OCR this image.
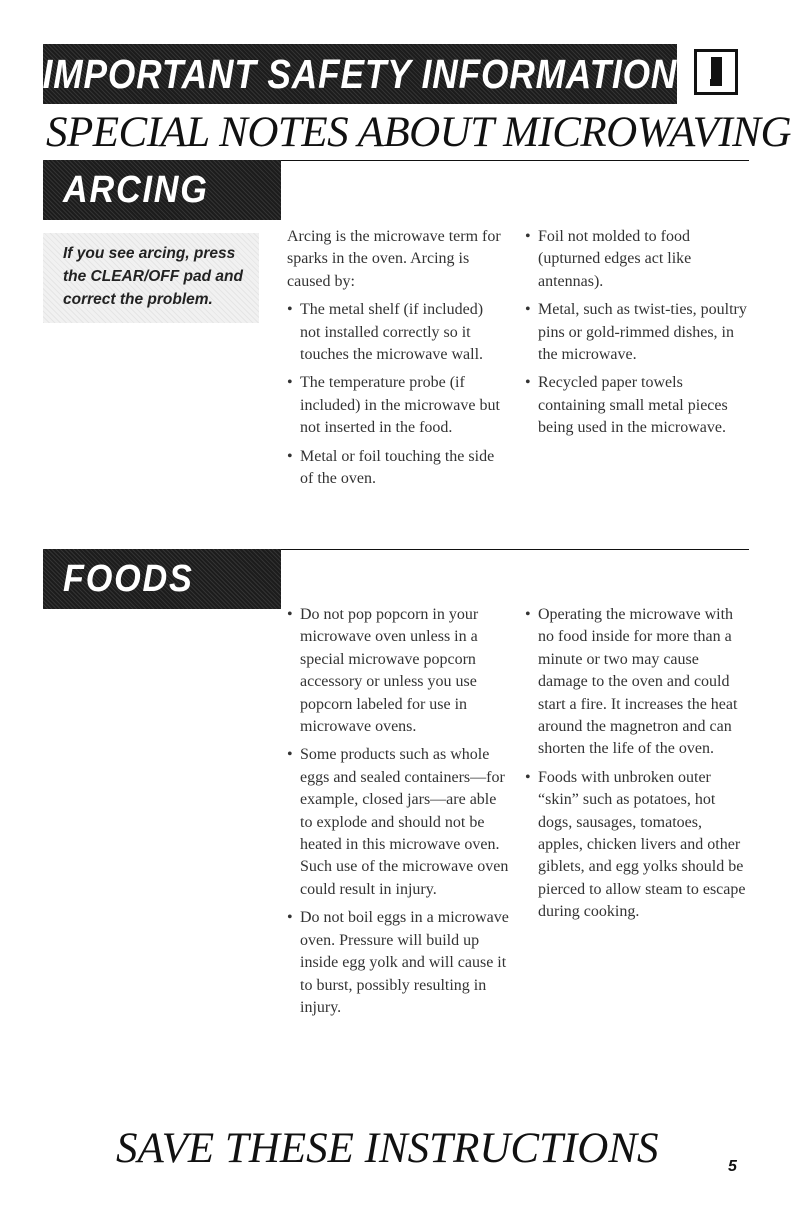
IMPORTANT SAFETY INFORMATION
SPECIAL NOTES ABOUT MICROWAVING
ARCING
If you see arcing, press the CLEAR/OFF pad and correct the problem.

Arcing is the microwave term for sparks in the oven. Arcing is caused by:

• The metal shelf (if included) not installed correctly so it touches the microwave wall.
• The temperature probe (if included) in the microwave but not inserted in the food.
• Metal or foil touching the side of the oven.
• Foil not molded to food (upturned edges act like antennas).
• Metal, such as twist-ties, poultry pins or gold-rimmed dishes, in the microwave.
• Recycled paper towels containing small metal pieces being used in the microwave.
FOODS
• Do not pop popcorn in your microwave oven unless in a special microwave popcorn accessory or unless you use popcorn labeled for use in microwave ovens.
• Some products such as whole eggs and sealed containers—for example, closed jars—are able to explode and should not be heated in this microwave oven. Such use of the microwave oven could result in injury.
• Do not boil eggs in a microwave oven. Pressure will build up inside egg yolk and will cause it to burst, possibly resulting in injury.
• Operating the microwave with no food inside for more than a minute or two may cause damage to the oven and could start a fire. It increases the heat around the magnetron and can shorten the life of the oven.
• Foods with unbroken outer “skin” such as potatoes, hot dogs, sausages, tomatoes, apples, chicken livers and other giblets, and egg yolks should be pierced to allow steam to escape during cooking.
SAVE THESE INSTRUCTIONS	5
